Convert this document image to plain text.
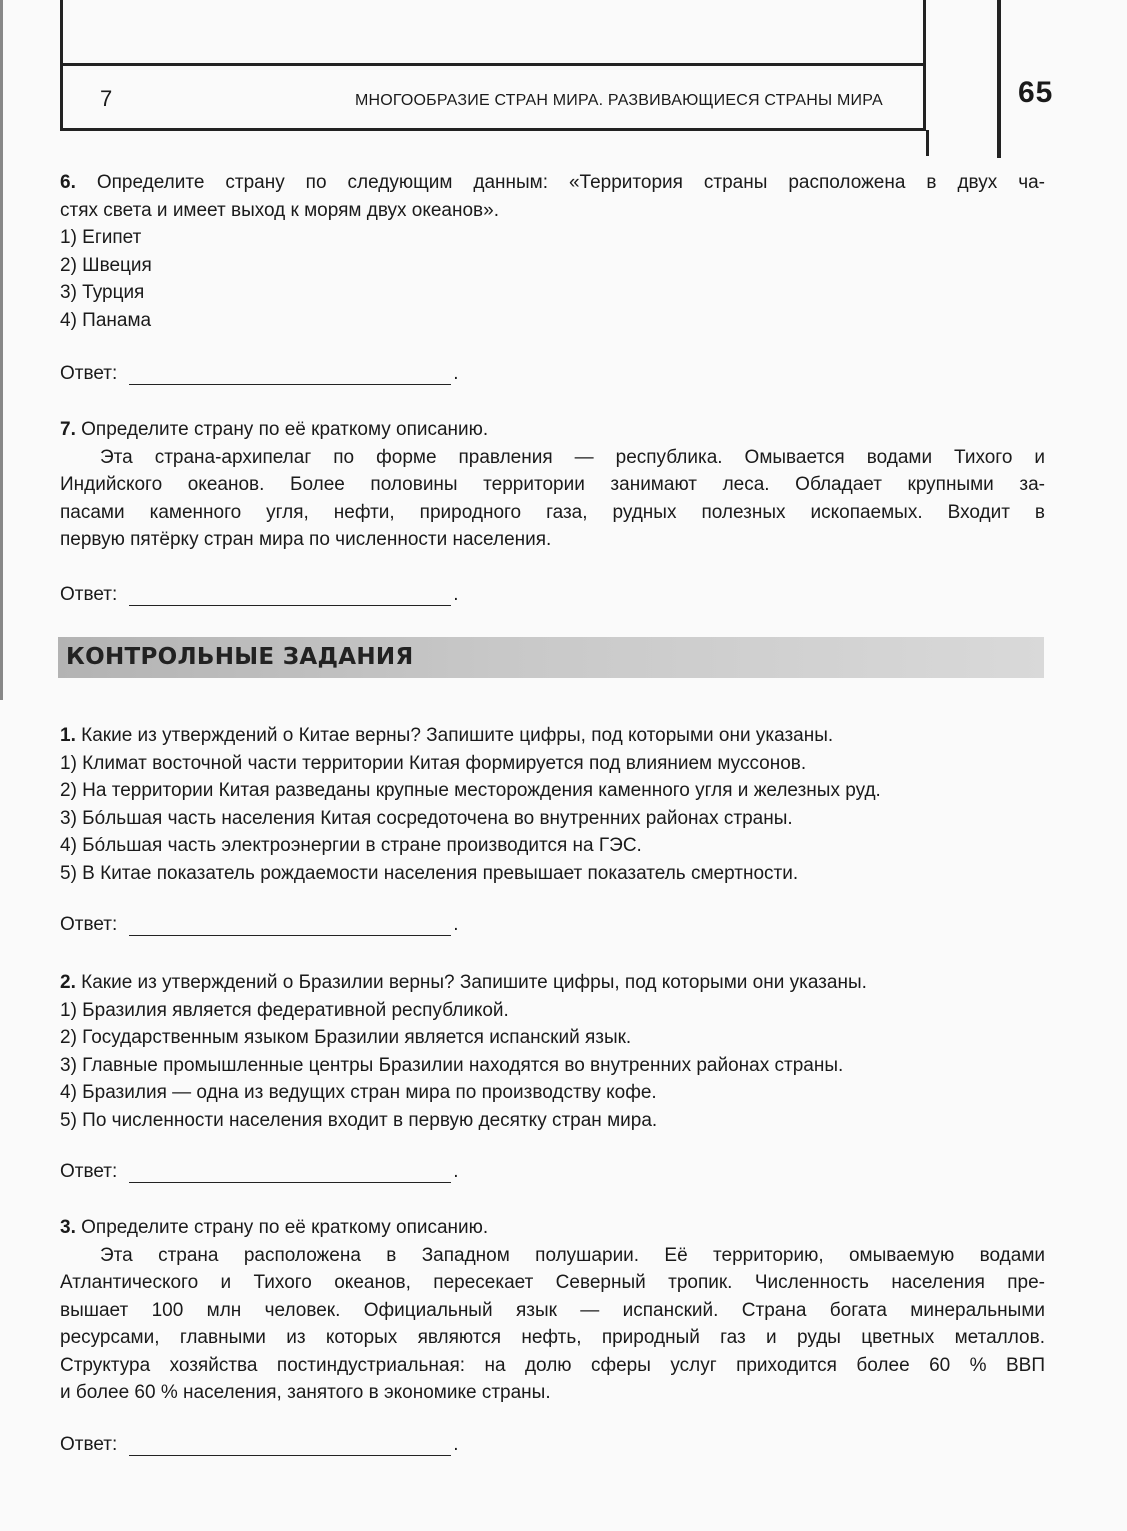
7	МНОГООБРАЗИЕ СТРАН МИРА. РАЗВИВАЮЩИЕСЯ СТРАНЫ МИРА	65
6. Определите страну по следующим данным: «Территория страны расположена в двух ча-
стях света и имеет выход к морям двух океанов».
1) Египет
2) Швеция
3) Турция
4) Панама
Ответ:	.
7. Определите страну по её краткому описанию.
Эта страна-архипелаг по форме правления — республика. Омывается водами Тихого и
Индийского океанов. Более половины территории занимают леса. Обладает крупными за-
пасами каменного угля, нефти, природного газа, рудных полезных ископаемых. Входит в
первую пятёрку стран мира по численности населения.
Ответ:	.
КОНТРОЛЬНЫЕ ЗАДАНИЯ
1. Какие из утверждений о Китае верны? Запишите цифры, под которыми они указаны.
1) Климат восточной части территории Китая формируется под влиянием муссонов.
2) На территории Китая разведаны крупные месторождения каменного угля и железных руд.
3) Бóльшая часть населения Китая сосредоточена во внутренних районах страны.
4) Бóльшая часть электроэнергии в стране производится на ГЭС.
5) В Китае показатель рождаемости населения превышает показатель смертности.
Ответ:	.
2. Какие из утверждений о Бразилии верны? Запишите цифры, под которыми они указаны.
1) Бразилия является федеративной республикой.
2) Государственным языком Бразилии является испанский язык.
3) Главные промышленные центры Бразилии находятся во внутренних районах страны.
4) Бразилия — одна из ведущих стран мира по производству кофе.
5) По численности населения входит в первую десятку стран мира.
Ответ:	.
3. Определите страну по её краткому описанию.
Эта страна расположена в Западном полушарии. Её территорию, омываемую водами
Атлантического и Тихого океанов, пересекает Северный тропик. Численность населения пре-
вышает 100 млн человек. Официальный язык — испанский. Страна богата минеральными
ресурсами, главными из которых являются нефть, природный газ и руды цветных металлов.
Структура хозяйства постиндустриальная: на долю сферы услуг приходится более 60 % ВВП
и более 60 % населения, занятого в экономике страны.
Ответ:	.
